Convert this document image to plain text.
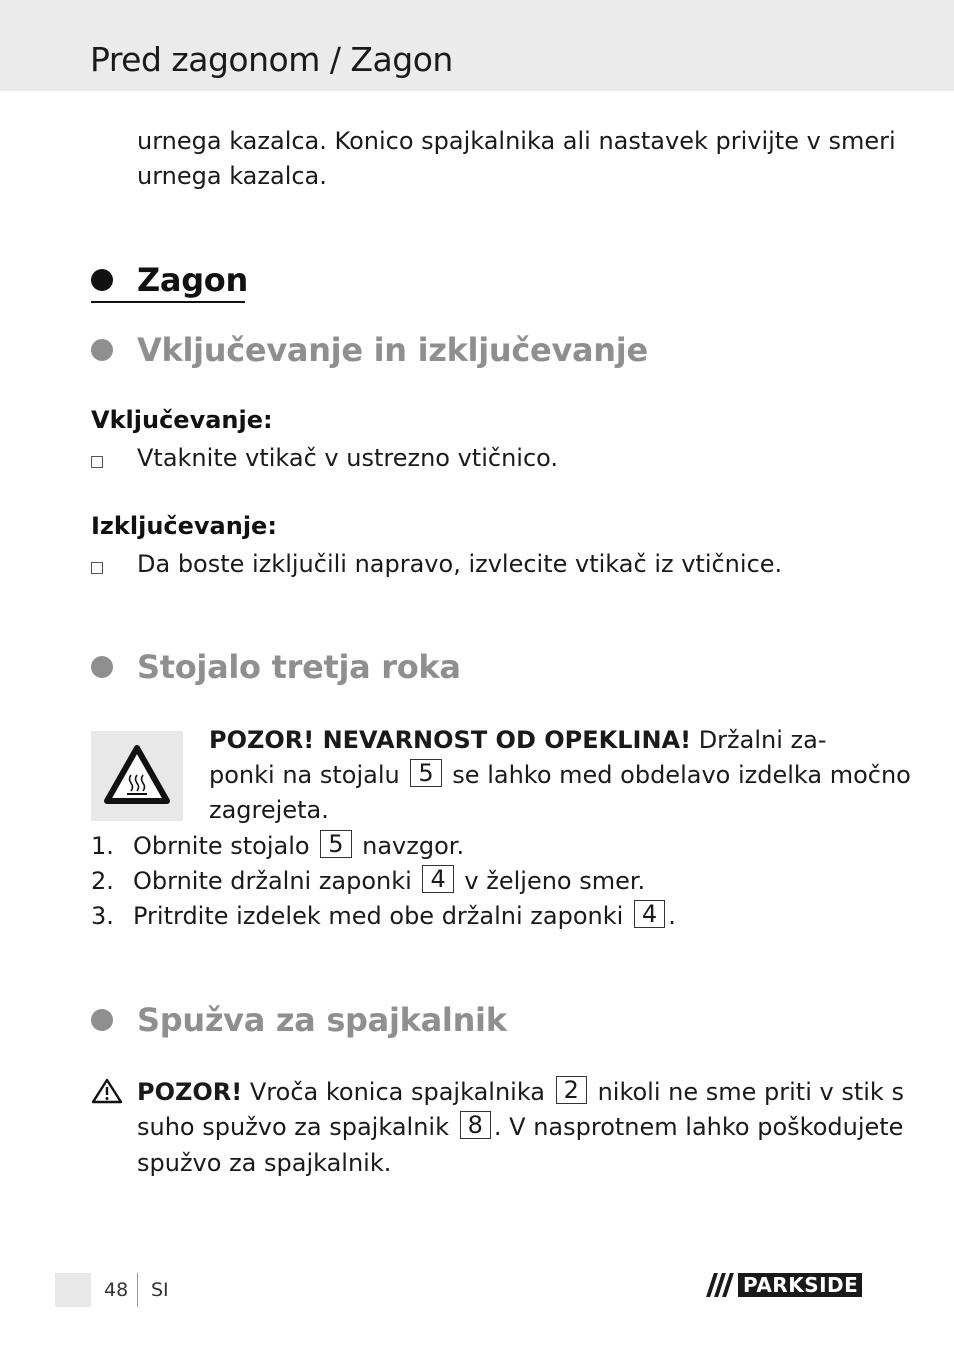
Pred zagonom / Zagon
urnega kazalca. Konico spajkalnika ali nastavek privijte v smeri
urnega kazalca.
Zagon
Vključevanje in izključevanje
Vključevanje:
Vtaknite vtikač v ustrezno vtičnico.
Izključevanje:
Da boste izključili napravo, izvlecite vtikač iz vtičnice.
Stojalo tretja roka
POZOR! NEVARNOST OD OPEKLINA! Držalni za-
ponki na stojalu 5 se lahko med obdelavo izdelka močno
zagrejeta.
1. Obrnite stojalo 5 navzgor.
2. Obrnite držalni zaponki 4 v željeno smer.
3. Pritrdite izdelek med obe držalni zaponki 4 .
Spužva za spajkalnik
POZOR! Vroča konica spajkalnika 2 nikoli ne sme priti v stik s
suho spužvo za spajkalnik 8 . V nasprotnem lahko poškodujete
spužvo za spajkalnik.
48 SI	PARKSIDE
